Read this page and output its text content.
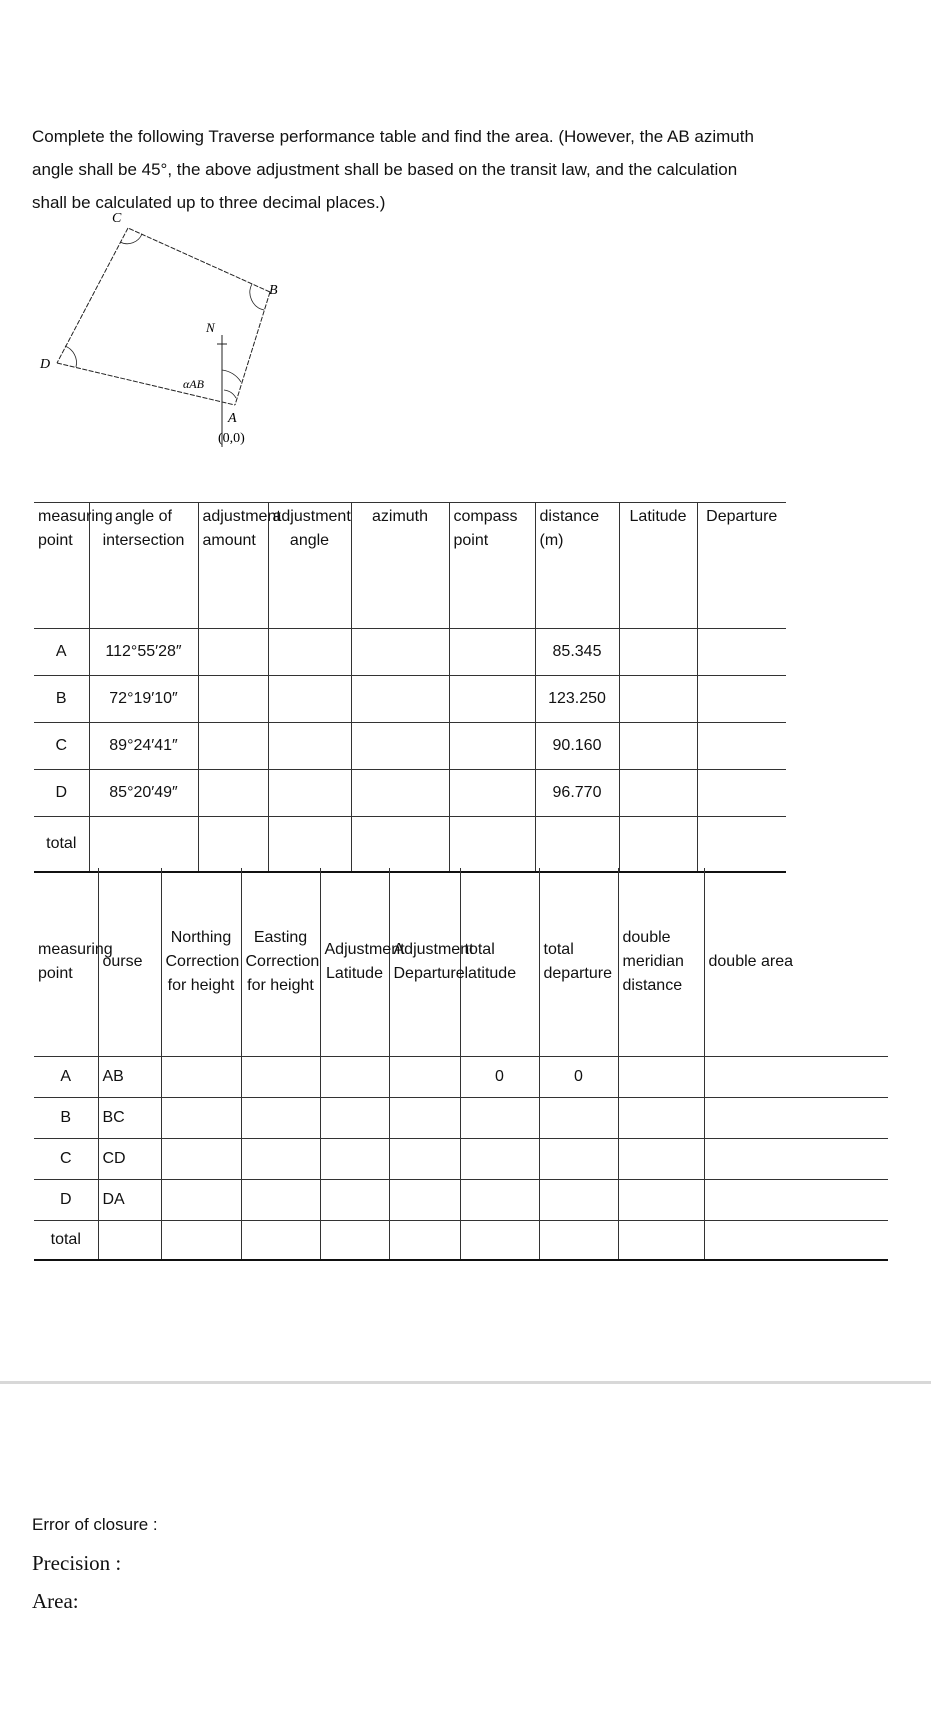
Complete the following Traverse performance table and find the area. (However, the AB azimuth angle shall be 45°, the above adjustment shall be based on the transit law, and the calculation shall be calculated up to three decimal places.)
C
B
D
N
αAB
A
(0,0)
measuring point	angle of intersection	adjustment amount	adjustment angle	azimuth	compass point	distance (m)	Latitude	Departure
A	112°55′28″					85.345		
B	72°19′10″					123.250		
C	89°24′41″					90.160		
D	85°20′49″					96.770		
total								
measuring point	ourse	Northing Correction for height	Easting Correction for height	Adjustment Latitude	Adjustment Departure	total latitude	total departure	double meridian distance	double area
A	AB					0	0		
B	BC								
C	CD								
D	DA								
total									
Error of closure :
Precision :
Area:
